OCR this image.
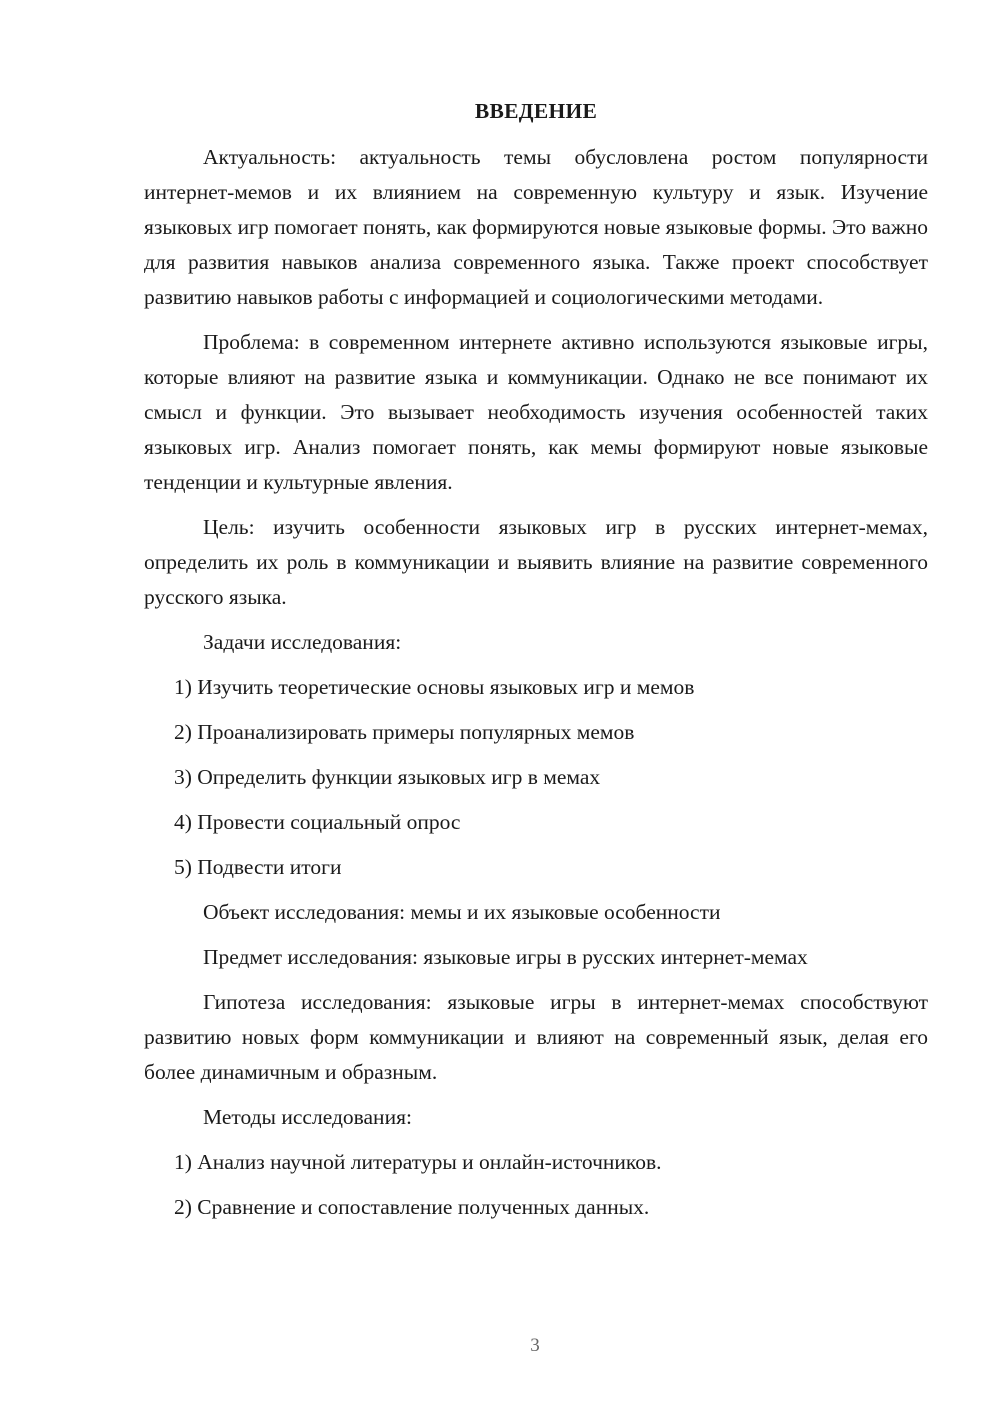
ВВЕДЕНИЕ

Актуальность: актуальность темы обусловлена ростом популярности интернет-мемов и их влиянием на современную культуру и язык. Изучение языковых игр помогает понять, как формируются новые языковые формы. Это важно для развития навыков анализа современного языка. Также проект способствует развитию навыков работы с информацией и социологическими методами.

Проблема: в современном интернете активно используются языковые игры, которые влияют на развитие языка и коммуникации. Однако не все понимают их смысл и функции. Это вызывает необходимость изучения особенностей таких языковых игр. Анализ помогает понять, как мемы формируют новые языковые тенденции и культурные явления.

Цель: изучить особенности языковых игр в русских интернет-мемах, определить их роль в коммуникации и выявить влияние на развитие современного русского языка.

Задачи исследования:

1) Изучить теоретические основы языковых игр и мемов
2) Проанализировать примеры популярных мемов
3) Определить функции языковых игр в мемах
4) Провести социальный опрос
5) Подвести итоги

Объект исследования: мемы и их языковые особенности

Предмет исследования: языковые игры в русских интернет-мемах

Гипотеза исследования: языковые игры в интернет-мемах способствуют развитию новых форм коммуникации и влияют на современный язык, делая его более динамичным и образным.

Методы исследования:

1) Анализ научной литературы и онлайн-источников.
2) Сравнение и сопоставление полученных данных.
3
